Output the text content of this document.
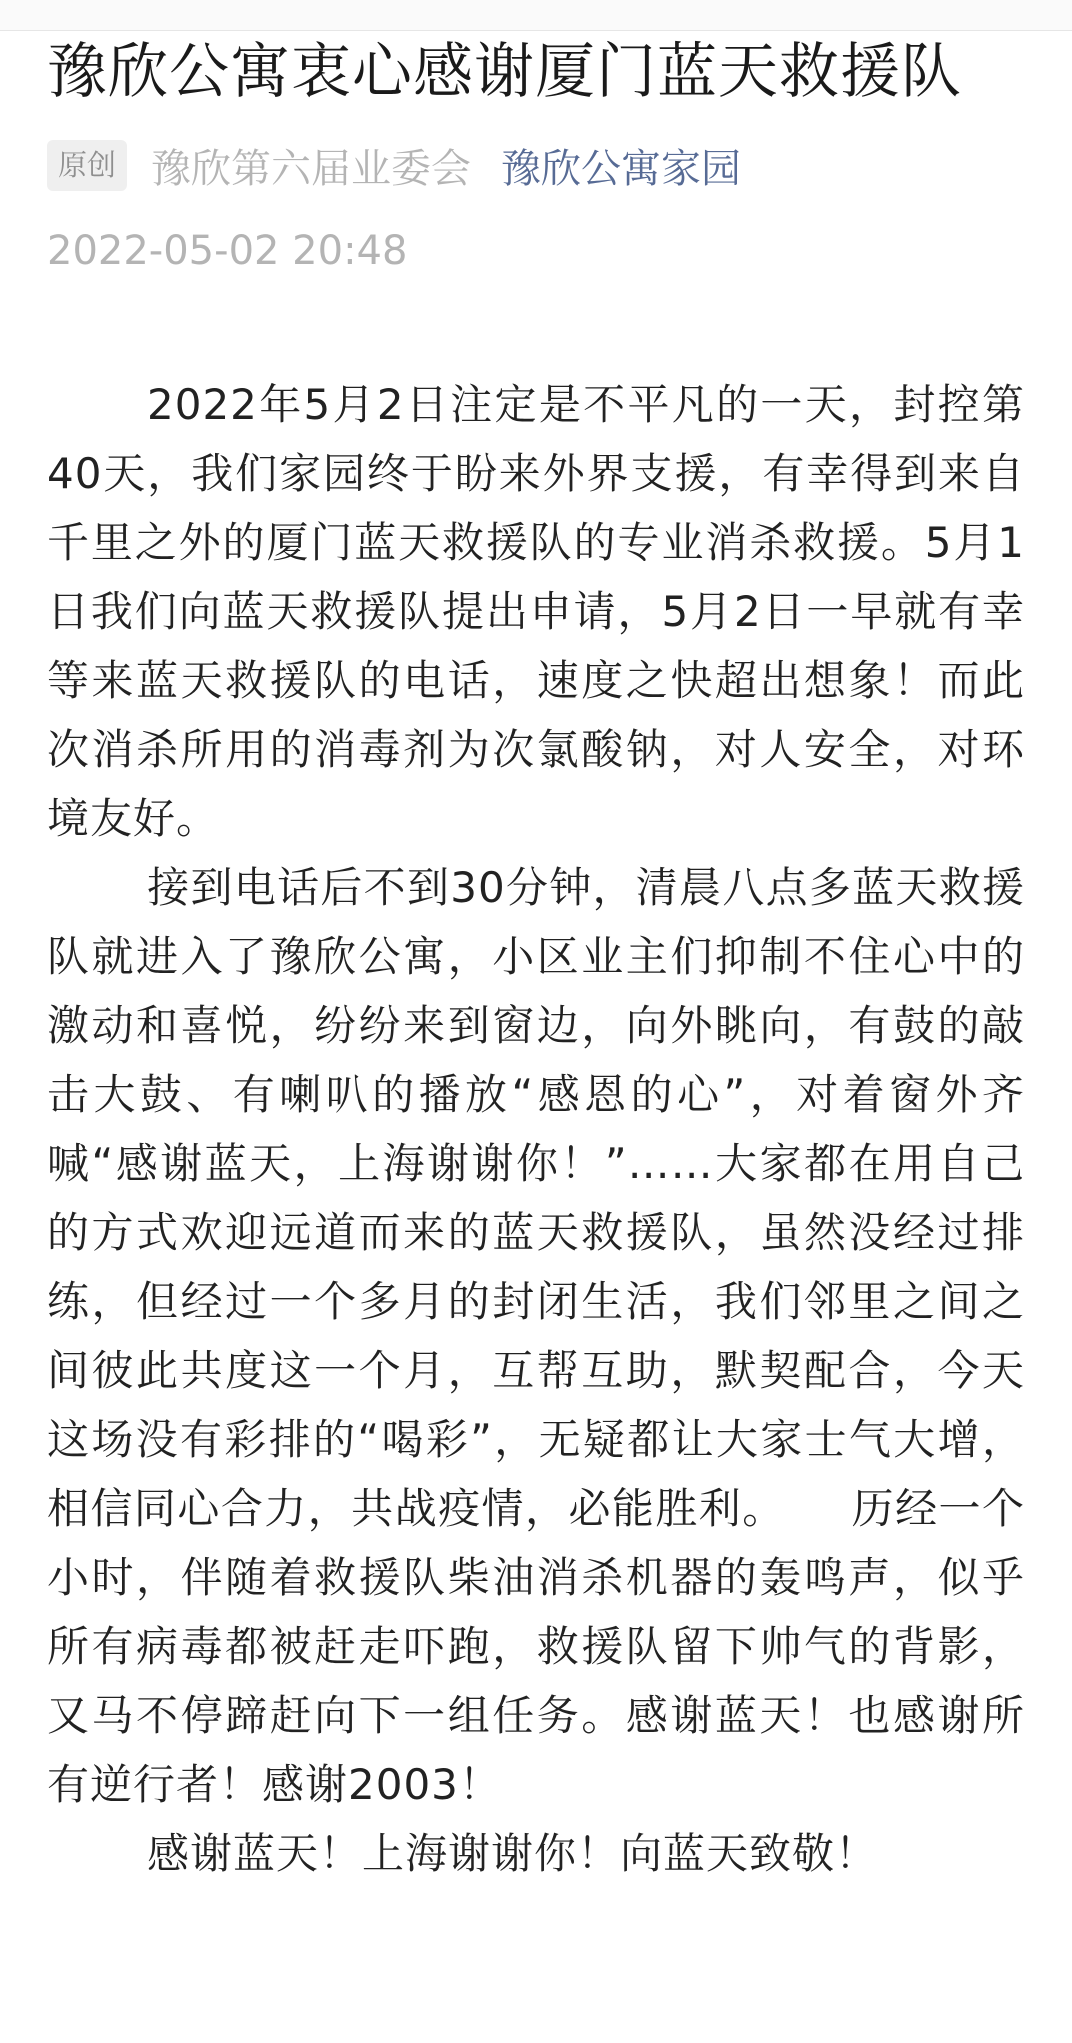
豫欣公寓衷心感谢厦门蓝天救援队
原创 豫欣第六届业委会 豫欣公寓家园
2022-05-02 20:48

2022年5月2日注定是不平凡的一天，封控第40天，我们家园终于盼来外界支援，有幸得到来自千里之外的厦门蓝天救援队的专业消杀救援。5月1日我们向蓝天救援队提出申请，5月2日一早就有幸等来蓝天救援队的电话，速度之快超出想象！而此次消杀所用的消毒剂为次氯酸钠，对人安全，对环境友好。

接到电话后不到30分钟，清晨八点多蓝天救援队就进入了豫欣公寓，小区业主们抑制不住心中的激动和喜悦，纷纷来到窗边，向外眺向，有鼓的敲击大鼓、有喇叭的播放“感恩的心”，对着窗外齐喊“感谢蓝天，上海谢谢你！”……大家都在用自己的方式欢迎远道而来的蓝天救援队，虽然没经过排练，但经过一个多月的封闭生活，我们邻里之间之间彼此共度这一个月，互帮互助，默契配合，今天这场没有彩排的“喝彩”，无疑都让大家士气大增，相信同心合力，共战疫情，必能胜利。　　历经一个小时，伴随着救援队柴油消杀机器的轰鸣声，似乎所有病毒都被赶走吓跑，救援队留下帅气的背影，又马不停蹄赶向下一组任务。感谢蓝天！也感谢所有逆行者！感谢2003！

感谢蓝天！上海谢谢你！向蓝天致敬！
